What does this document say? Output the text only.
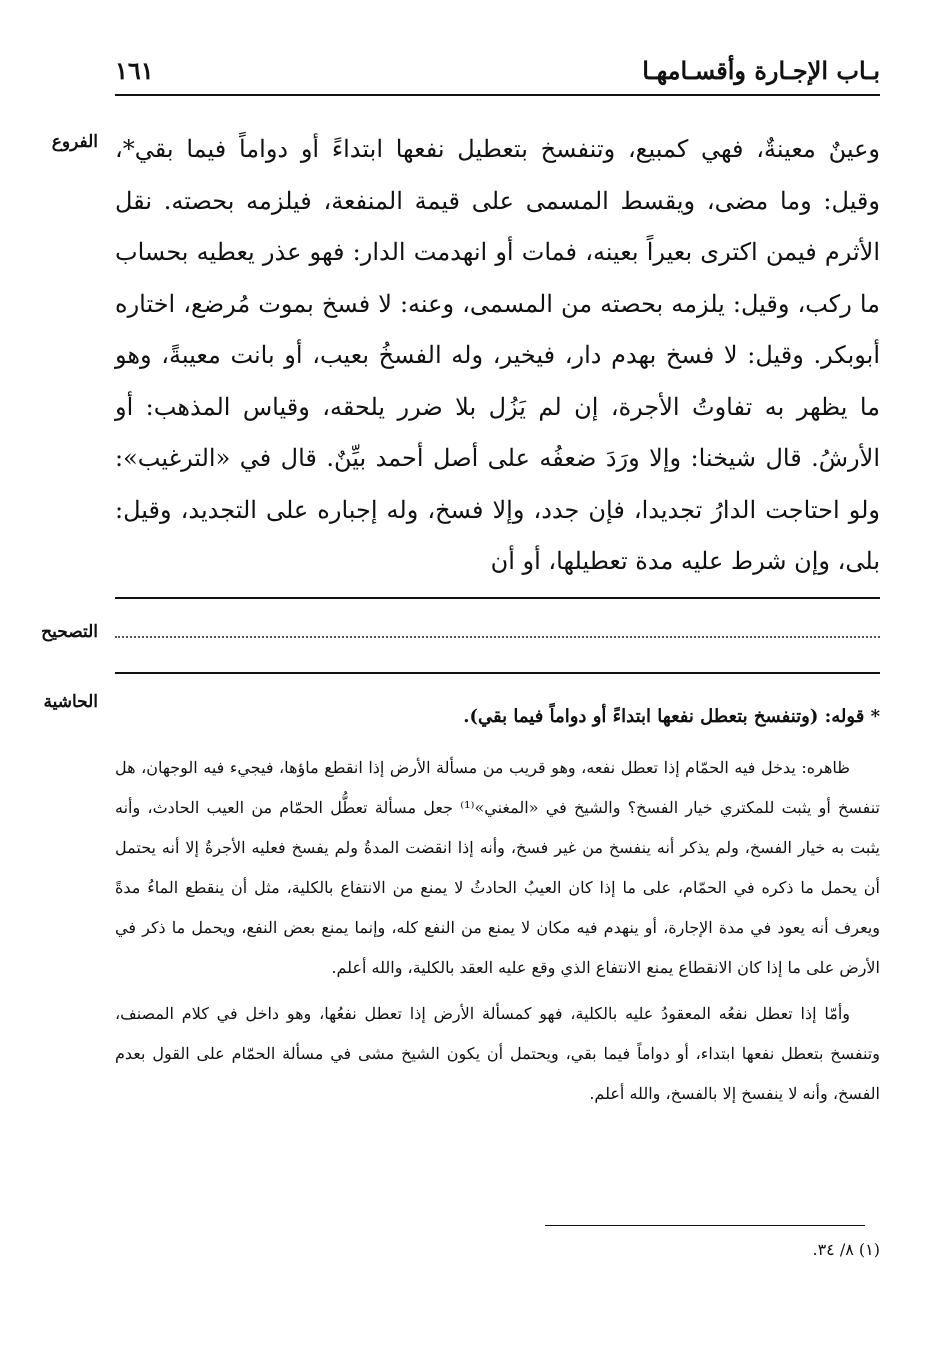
بـاب الإجـارة وأقسـامهـا
١٦١
الفروع وعينٌ معينةٌ، فهي كمبيع، وتنفسخ بتعطيل نفعها ابتداءً أو دواماً فيما بقي*، وقيل: وما مضى، ويقسط المسمى على قيمة المنفعة، فيلزمه بحصته. نقل الأثرم فيمن اكترى بعيراً بعينه، فمات أو انهدمت الدار: فهو عذر يعطيه بحساب ما ركب، وقيل: يلزمه بحصته من المسمى، وعنه: لا فسخ بموت مُرضع، اختاره أبوبكر. وقيل: لا فسخ بهدم دار، فيخير، وله الفسخُ بعيب، أو بانت معيبةً، وهو ما يظهر به تفاوتُ الأجرة، إن لم يَزُل بلا ضرر يلحقه، وقياس المذهب: أو الأرشُ. قال شيخنا: وإلا ورَدَ ضعفُه على أصل أحمد بيِّنٌ. قال في «الترغيب»: ولو احتاجت الدارُ تجديدا، فإن جدد، وإلا فسخ، وله إجباره على التجديد، وقيل: بلى، وإن شرط عليه مدة تعطيلها، أو أن

التصحيح
الحاشية

* قوله: (وتنفسخ بتعطل نفعها ابتداءً أو دواماً فيما بقي).

ظاهره: يدخل فيه الحمّام إذا تعطل نفعه، وهو قريب من مسألة الأرض إذا انقطع ماؤها، فيجيء فيه الوجهان، هل تنفسخ أو يثبت للمكتري خيار الفسخ؟ والشيخ في «المغني»⁽¹⁾ جعل مسألة تعطُّل الحمّام من العيب الحادث، وأنه يثبت به خيار الفسخ، ولم يذكر أنه ينفسخ من غير فسخ، وأنه إذا انقضت المدةُ ولم يفسخ فعليه الأجرةُ إلا أنه يحتمل أن يحمل ما ذكره في الحمّام، على ما إذا كان العيبُ الحادثُ لا يمنع من الانتفاع بالكلية، مثل أن ينقطع الماءُ مدةً ويعرف أنه يعود في مدة الإجارة، أو ينهدم فيه مكان لا يمنع من النفع كله، وإنما يمنع بعض النفع، ويحمل ما ذكر في الأرض على ما إذا كان الانقطاع يمنع الانتفاع الذي وقع عليه العقد بالكلية، والله أعلم.

وأمّا إذا تعطل نفعُه المعقودُ عليه بالكلية، فهو كمسألة الأرض إذا تعطل نفعُها، وهو داخل في كلام المصنف، وتنفسخ بتعطل نفعها ابتداء، أو دواماً فيما بقي، ويحتمل أن يكون الشيخ مشى في مسألة الحمّام على القول بعدم الفسخ، وأنه لا ينفسخ إلا بالفسخ، والله أعلم.

(١) ٨/ ٣٤.
